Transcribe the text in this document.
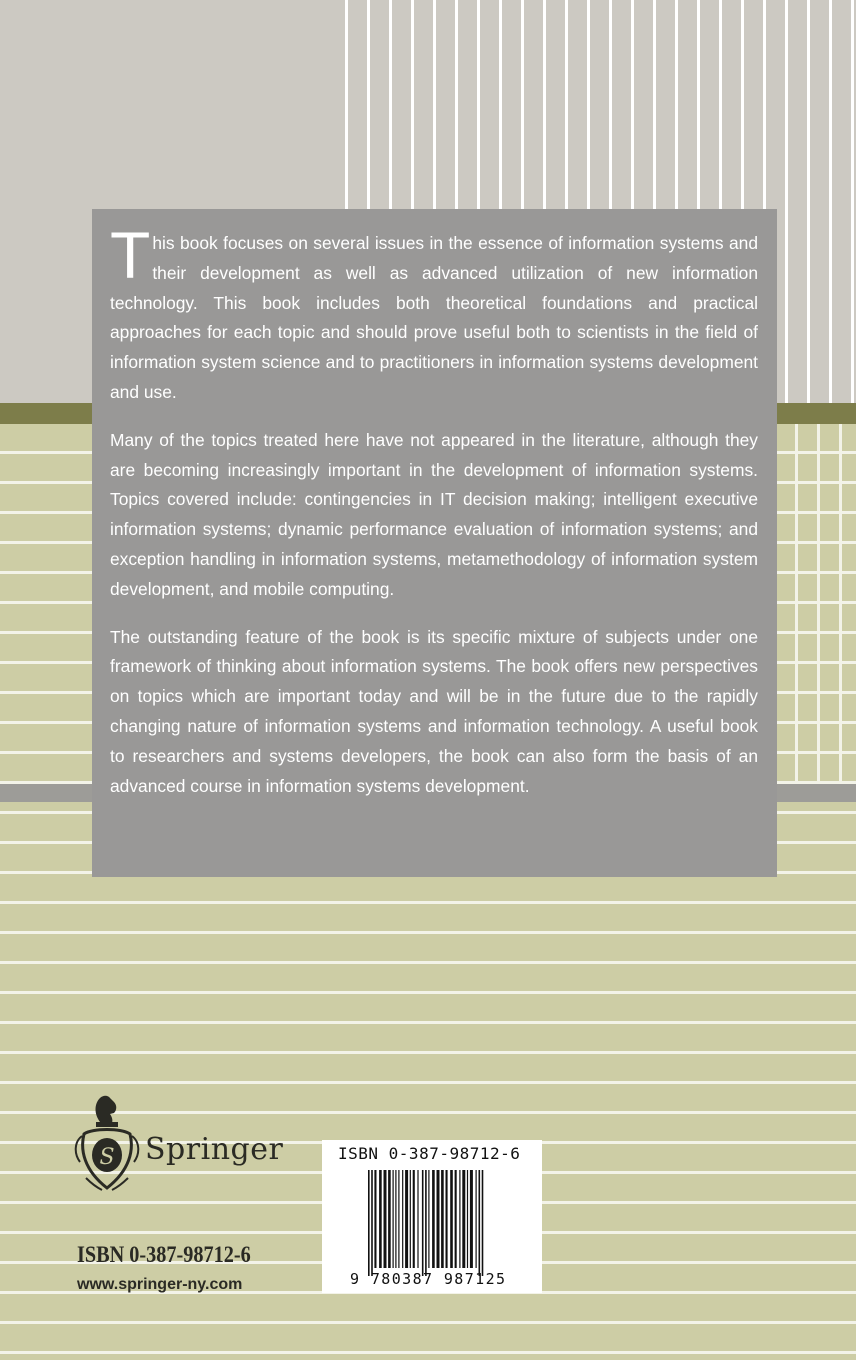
This book focuses on several issues in the essence of information systems and their development as well as advanced utilization of new information technology. This book includes both theoretical foundations and practical approaches for each topic and should prove useful both to scientists in the field of information system science and to practitioners in information systems development and use.

Many of the topics treated here have not appeared in the literature, although they are becoming increasingly important in the development of information systems. Topics covered include: contingencies in IT decision making; intelligent executive information systems; dynamic performance evaluation of information systems; and exception handling in information systems, metamethodology of information system development, and mobile computing.

The outstanding feature of the book is its specific mixture of subjects under one framework of thinking about information systems. The book offers new perspectives on topics which are important today and will be in the future due to the rapidly changing nature of information systems and information technology. A useful book to researchers and systems developers, the book can also form the basis of an advanced course in information systems development.

S Springer
ISBN 0-387-98712-6
www.springer-ny.com
ISBN 0-387-98712-6
9 780387 987125
